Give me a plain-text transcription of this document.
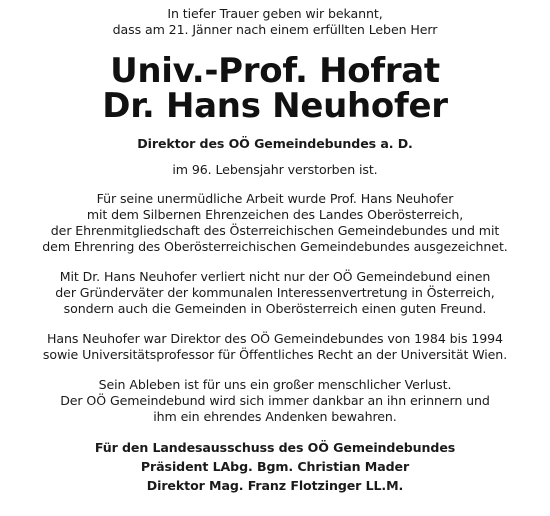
In tiefer Trauer geben wir bekannt,
dass am 21. Jänner nach einem erfüllten Leben Herr
Univ.-Prof. Hofrat
Dr. Hans Neuhofer
Direktor des OÖ Gemeindebundes a. D.
im 96. Lebensjahr verstorben ist.
Für seine unermüdliche Arbeit wurde Prof. Hans Neuhofer
mit dem Silbernen Ehrenzeichen des Landes Oberösterreich,
der Ehrenmitgliedschaft des Österreichischen Gemeindebundes und mit
dem Ehrenring des Oberösterreichischen Gemeindebundes ausgezeichnet.
Mit Dr. Hans Neuhofer verliert nicht nur der OÖ Gemeindebund einen
der Gründerväter der kommunalen Interessenvertretung in Österreich,
sondern auch die Gemeinden in Oberösterreich einen guten Freund.
Hans Neuhofer war Direktor des OÖ Gemeindebundes von 1984 bis 1994
sowie Universitätsprofessor für Öffentliches Recht an der Universität Wien.
Sein Ableben ist für uns ein großer menschlicher Verlust.
Der OÖ Gemeindebund wird sich immer dankbar an ihn erinnern und
ihm ein ehrendes Andenken bewahren.
Für den Landesausschuss des OÖ Gemeindebundes
Präsident LAbg. Bgm. Christian Mader
Direktor Mag. Franz Flotzinger LL.M.
